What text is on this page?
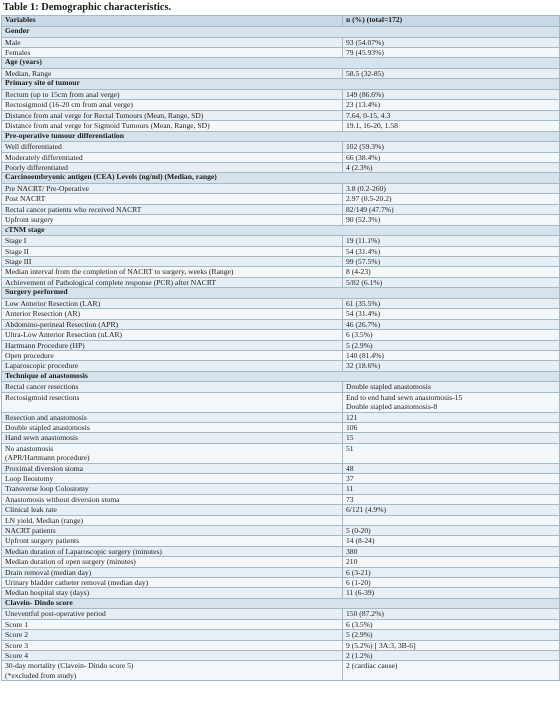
Table 1: Demographic characteristics.
Variables	n (%) (total=172)
Gender	
Male	93 (54.07%)
Females	79 (45.93%)
Age (years)	
Median, Range	58.5 (32-85)
Primary site of tumour	
Rectum (up to 15cm from anal verge)	149 (86.6%)
Rectosigmoid (16-20 cm from anal verge)	23 (13.4%)
Distance from anal verge for Rectal Tumours (Mean, Range, SD)	7.64, 0-15, 4.3
Distance from anal verge for Sigmoid Tumours (Mean, Range, SD)	19.1, 16-20, 1.58
Pre-operative tumour differentiation	
Well differentiated	102 (59.3%)
Moderately differentiated	66 (38.4%)
Poorly differentiated	4 (2.3%)
Carcinoembryonic antigen (CEA) Levels (ng/ml) (Median, range)	
Pre NACRT/ Pre-Operative	3.8 (0.2-260)
Post NACRT	2.97 (0.5-20.2)
Rectal cancer patients who received NACRT	82/149 (47.7%)
Upfront surgery	90 (52.3%)
cTNM stage	
Stage I	19 (11.1%)
Stage II	54 (31.4%)
Stage III	99 (57.5%)
Median interval from the completion of NACRT to surgery, weeks (Range)	8 (4-23)
Achievement of Pathological complete response (PCR) after NACRT	5/82 (6.1%)
Surgery performed	
Low Anterior Resection (LAR)	61 (35.5%)
Anterior Resection (AR)	54 (31.4%)
Abdomino-perineal Resection (APR)	46 (26.7%)
Ultra-Low Anterior Resection (uLAR)	6 (3.5%)
Hartmann Procedure (HP)	5 (2.9%)
Open procedure	140 (81.4%)
Laparoscopic procedure	32 (18.6%)
Technique of anastomosis	
Rectal cancer resections	Double stapled anastomosis

Rectosigmoid resections	End to end hand sewn anastomosis-15
Double stapled anastomosis-8

Resection and anastomosis	121
Double stapled anastomosis	106
Hand sewn anastomosis	15

No anastomosis
(APR/Hartmann procedure)	51

Proximal diversion stoma	48
Loop Ileostomy	37
Transverse loop Colostomy	11
Anastomosis without diversion stoma	73
Clinical leak rate	6/121 (4.9%)
LN yield, Median (range)	
NACRT patients	5 (0-20)
Upfront surgery patients	14 (8-24)
Median duration of Laparoscopic surgery (minutes)	380
Median duration of open surgery (minutes)	210
Drain removal (median day)	6 (3-21)
Urinary bladder catheter removal (median day)	6 (1-20)
Median hospital stay (days)	11 (6-39)
Clavein- Dindo score	
Uneventful post-operative period	150 (87.2%)
Score 1	6 (3.5%)
Score 2	5 (2.9%)
Score 3	9 (5.2%) [ 3A:3, 3B-6]
Score 4	2 (1.2%)

30-day mortality (Clavein- Dindo score 5)
(*excluded from study)	2 (cardiac cause)
